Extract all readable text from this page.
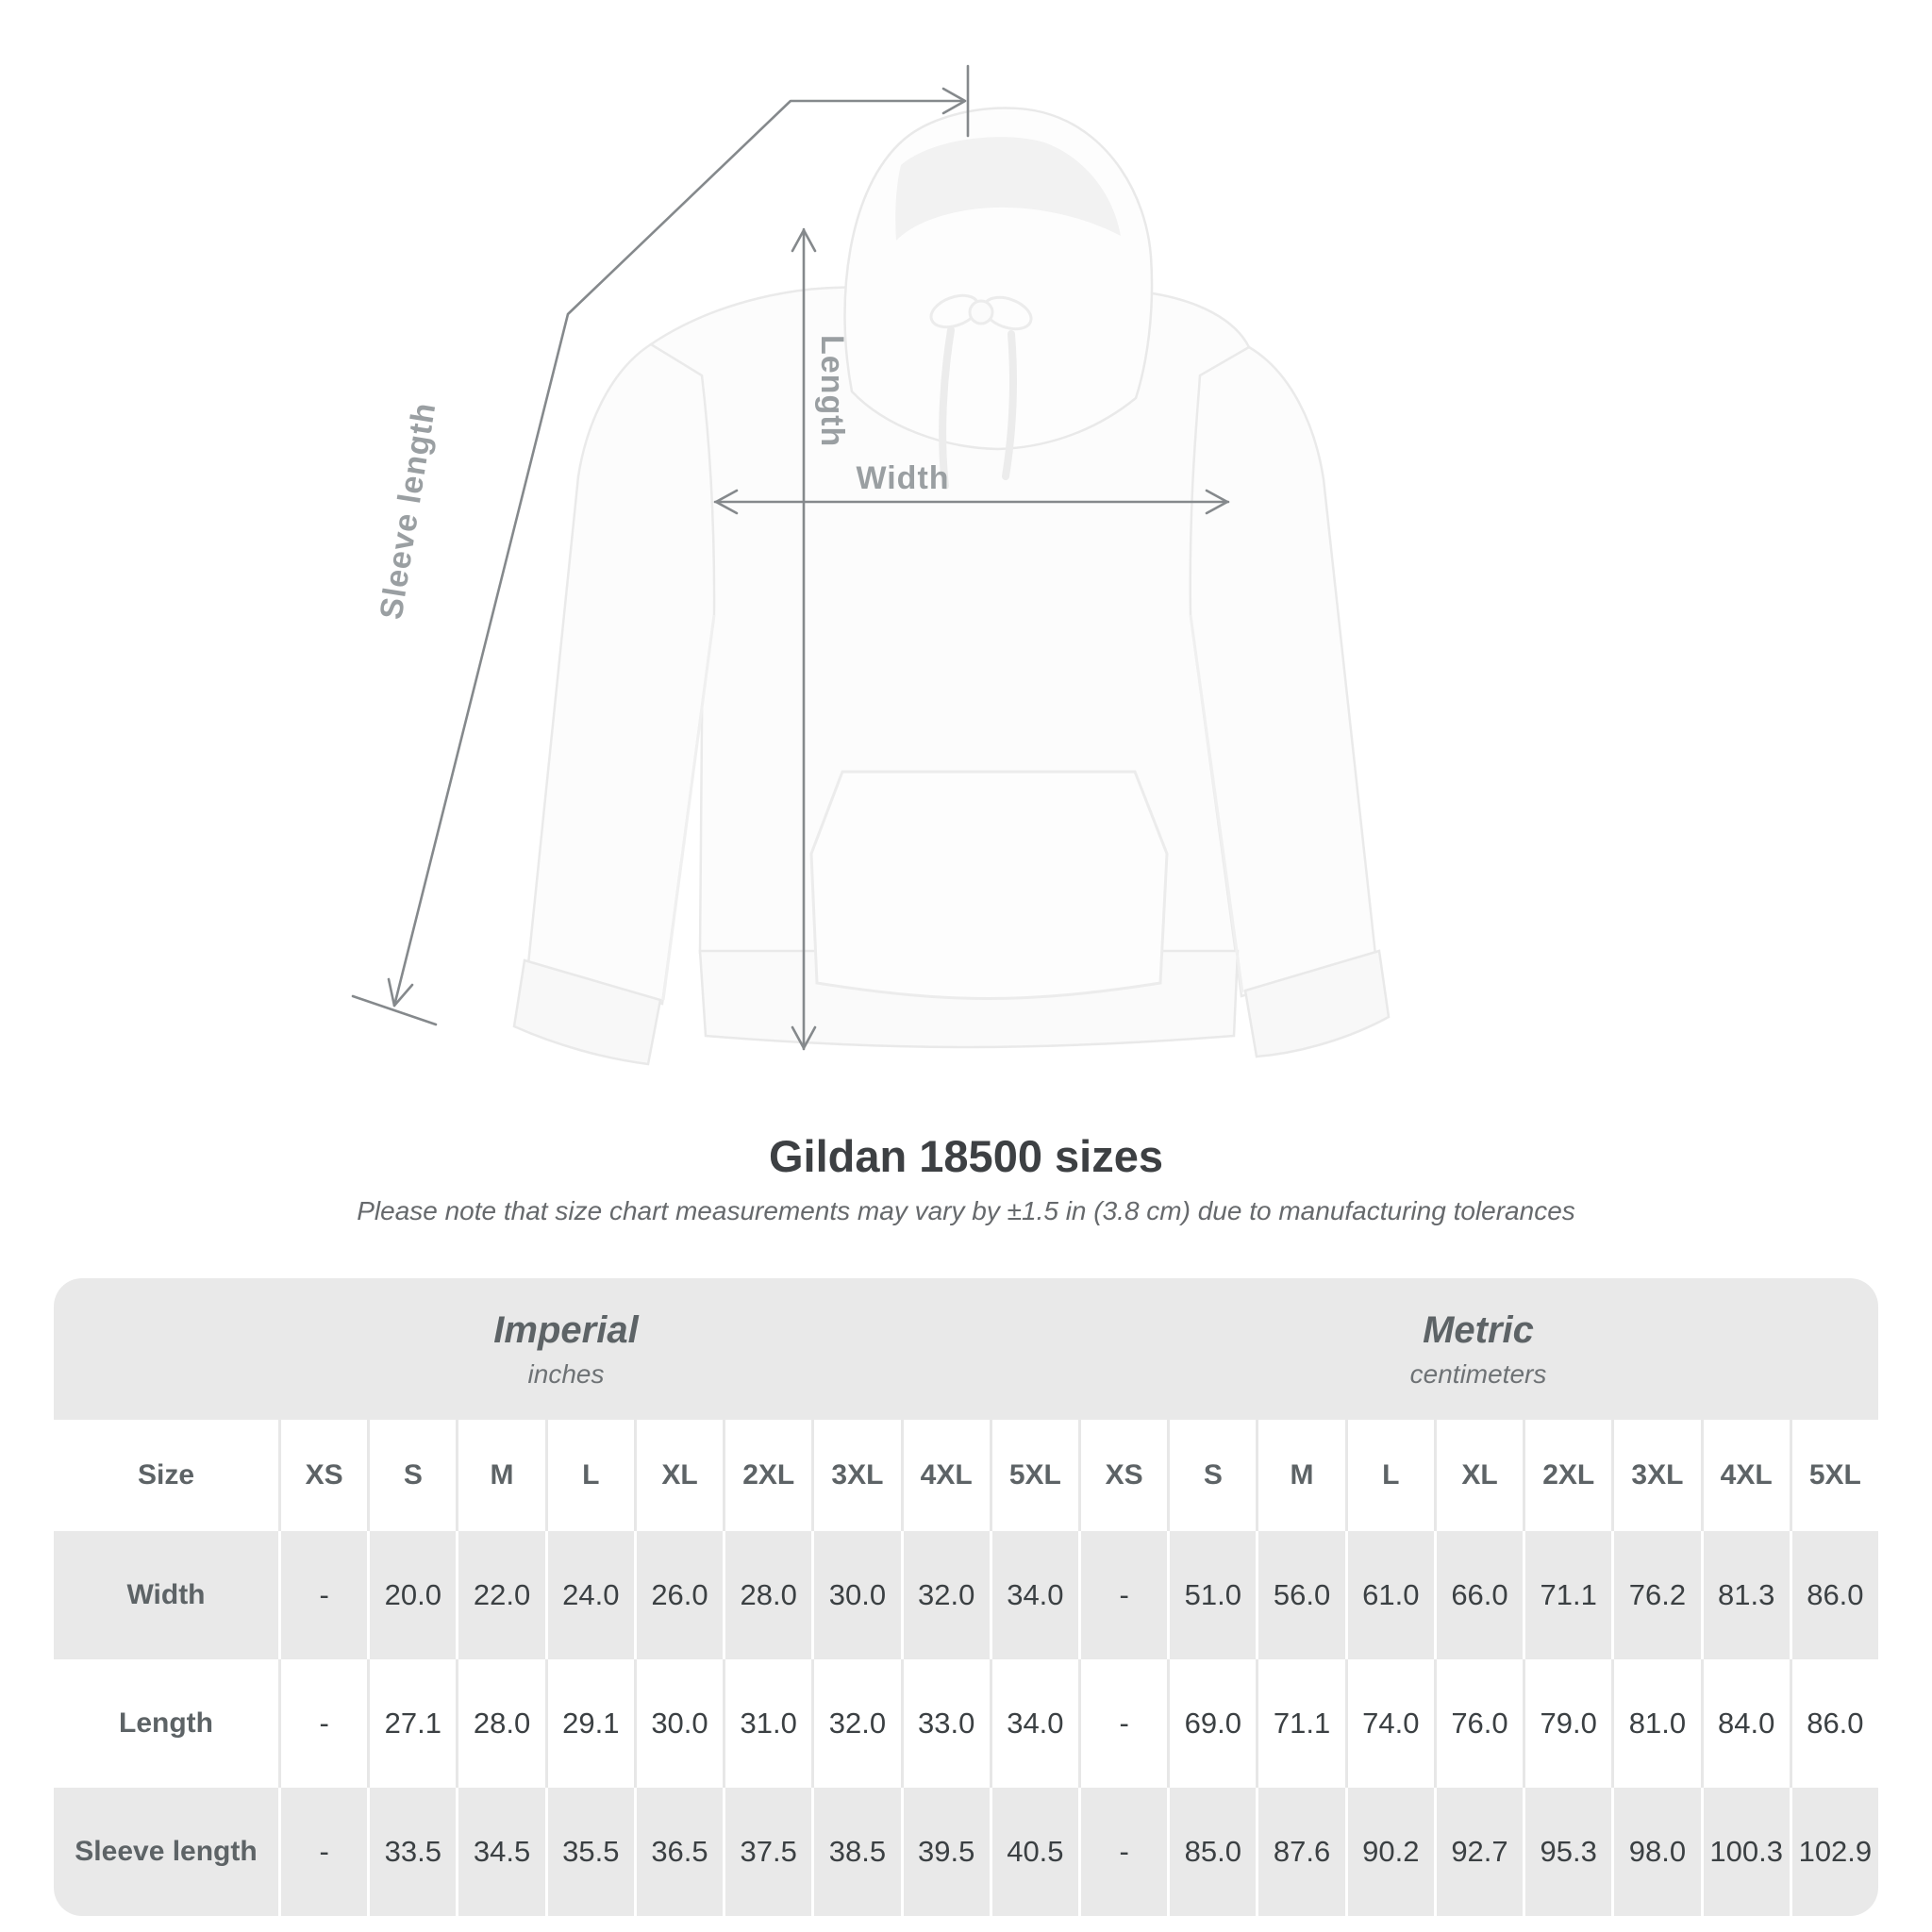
Sleeve length
Length
Width
Gildan 18500 sizes
Please note that size chart measurements may vary by ±1.5 in (3.8 cm) due to manufacturing tolerances
Imperial
inches
Metric
centimeters
Size	XS	S	M	L	XL	2XL	3XL	4XL	5XL	XS	S	M	L	XL	2XL	3XL	4XL	5XL
Width	-	20.0	22.0	24.0	26.0	28.0	30.0	32.0	34.0	-	51.0	56.0	61.0	66.0	71.1	76.2	81.3	86.0
Length	-	27.1	28.0	29.1	30.0	31.0	32.0	33.0	34.0	-	69.0	71.1	74.0	76.0	79.0	81.0	84.0	86.0
Sleeve length	-	33.5	34.5	35.5	36.5	37.5	38.5	39.5	40.5	-	85.0	87.6	90.2	92.7	95.3	98.0 100.3 102.9
